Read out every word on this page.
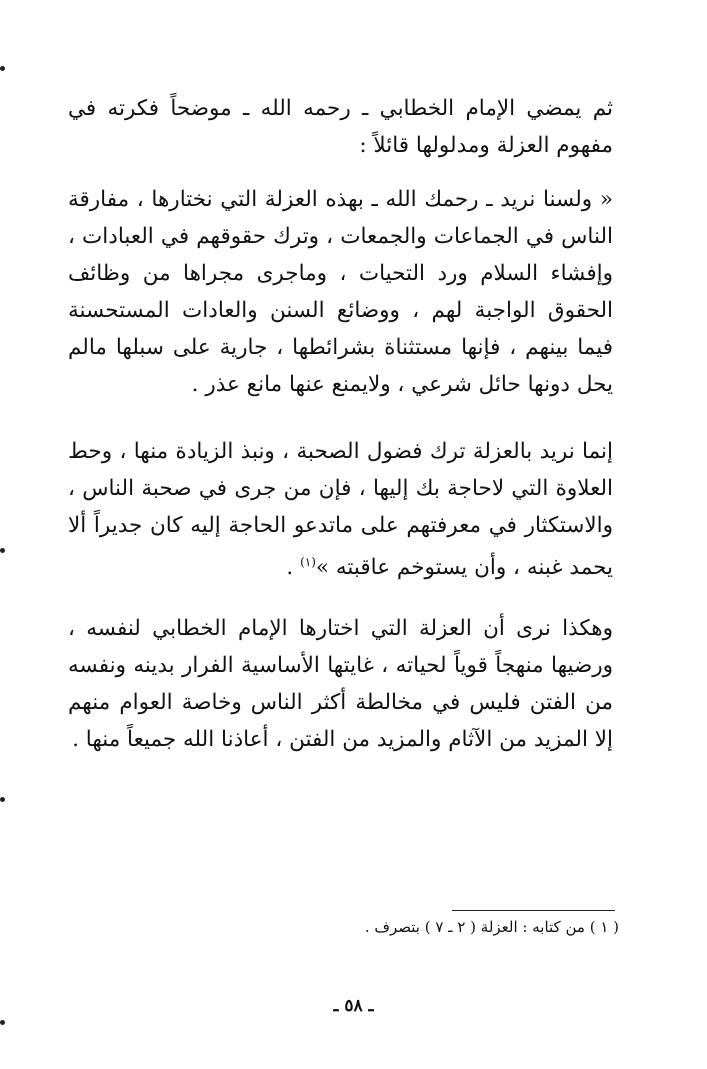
ثم يمضي الإمام الخطابي ـ رحمه الله ـ موضحاً فكرته في مفهوم العزلة ومدلولها قائلاً :

« ولسنا نريد ـ رحمك الله ـ بهذه العزلة التي نختارها ، مفارقة الناس في الجماعات والجمعات ، وترك حقوقهم في العبادات ، وإفشاء السلام ورد التحيات ، وماجرى مجراها من وظائف الحقوق الواجبة لهم ، ووضائع السنن والعادات المستحسنة فيما بينهم ، فإنها مستثناة بشرائطها ، جارية على سبلها مالم يحل دونها حائل شرعي ، ولايمنع عنها مانع عذر .

إنما نريد بالعزلة ترك فضول الصحبة ، ونبذ الزيادة منها ، وحط العلاوة التي لاحاجة بك إليها ، فإن من جرى في صحبة الناس ، والاستكثار في معرفتهم على ماتدعو الحاجة إليه كان جديراً ألا يحمد غبنه ، وأن يستوخم عاقبته »$^{(١)}$ .

وهكذا نرى أن العزلة التي اختارها الإمام الخطابي لنفسه ، ورضيها منهجاً قوياً لحياته ، غايتها الأساسية الفرار بدينه ونفسه من الفتن فليس في مخالطة أكثر الناس وخاصة العوام منهم إلا المزيد من الآثام والمزيد من الفتن ، أعاذنا الله جميعاً منها .

( ١ ) من كتابه : العزلة ( ٢ ـ ٧ ) بتصرف .

ـ ٥٨ ـ
